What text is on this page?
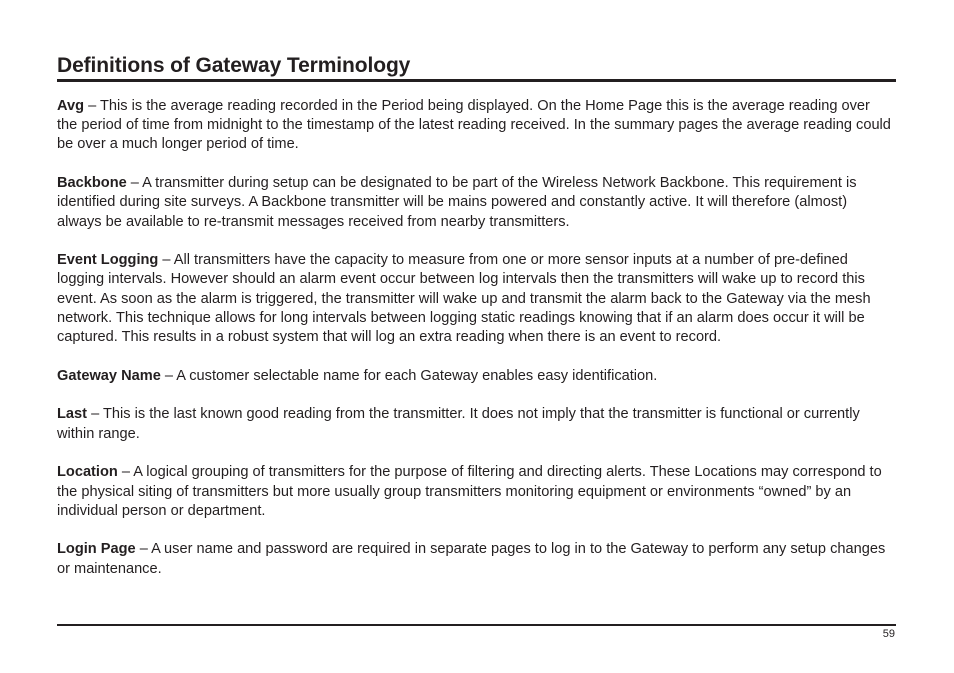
Definitions of Gateway Terminology

Avg – This is the average reading recorded in the Period being displayed. On the Home Page this is the average reading over the period of time from midnight to the timestamp of the latest reading received. In the summary pages the average reading could be over a much longer period of time.

Backbone – A transmitter during setup can be designated to be part of the Wireless Network Backbone. This requirement is identified during site surveys. A Backbone transmitter will be mains powered and constantly active. It will therefore (almost) always be available to re-transmit messages received from nearby transmitters.

Event Logging – All transmitters have the capacity to measure from one or more sensor inputs at a number of pre-defined logging intervals. However should an alarm event occur between log intervals then the transmitters will wake up to record this event. As soon as the alarm is triggered, the transmitter will wake up and transmit the alarm back to the Gateway via the mesh network. This technique allows for long intervals between logging static readings knowing that if an alarm does occur it will be captured. This results in a robust system that will log an extra reading when there is an event to record.

Gateway Name – A customer selectable name for each Gateway enables easy identification.

Last – This is the last known good reading from the transmitter. It does not imply that the transmitter is functional or currently within range.

Location – A logical grouping of transmitters for the purpose of filtering and directing alerts. These Locations may correspond to the physical siting of transmitters but more usually group transmitters monitoring equipment or environments “owned” by an individual person or department.

Login Page – A user name and password are required in separate pages to log in to the Gateway to perform any setup changes or maintenance.

59
